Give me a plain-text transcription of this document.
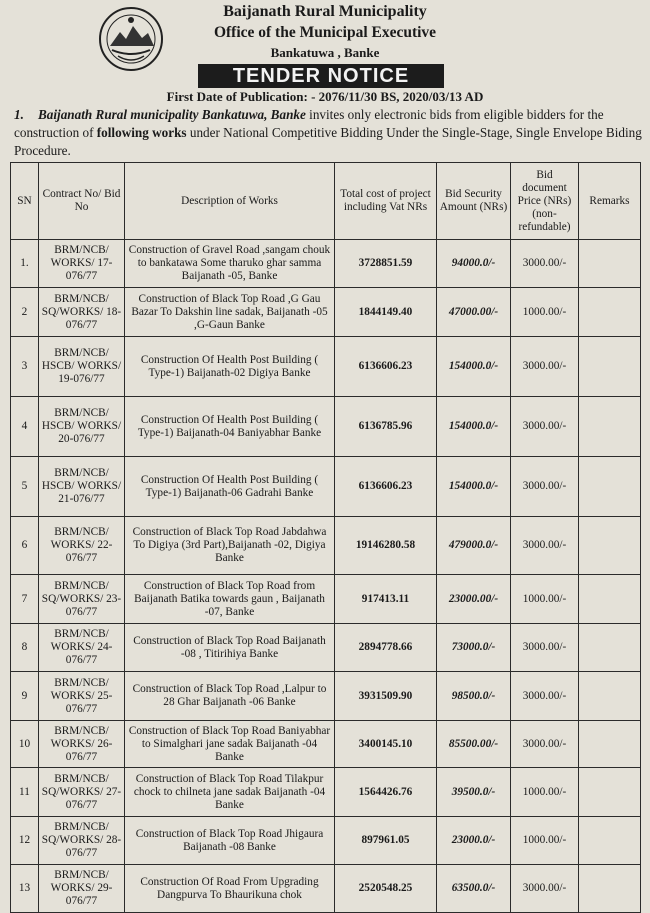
Baijanath Rural Municipality
Office of the Municipal Executive
Bankatuwa , Banke
TENDER NOTICE
First Date of Publication: - 2076/11/30 BS, 2020/03/13 AD
1. Baijanath Rural municipality Bankatuwa, Banke invites only electronic bids from eligible bidders for the construction of following works under National Competitive Bidding Under the Single-Stage, Single Envelope Biding Procedure.
SN	Contract No/ Bid No	Description of Works	Total cost of project including Vat NRs	Bid Security Amount (NRs)	Bid document Price (NRs) (non-refundable)	Remarks
1.	BRM/NCB/ WORKS/ 17-076/77	Construction of Gravel Road ,sangam chouk to bankatawa Some tharuko ghar samma Baijanath -05, Banke	3728851.59	94000.0/-	3000.00/-	
2	BRM/NCB/ SQ/WORKS/ 18-076/77	Construction of Black Top Road ,G Gau Bazar To Dakshin line sadak, Baijanath -05 ,G-Gaun Banke	1844149.40	47000.00/-	1000.00/-	
3	BRM/NCB/ HSCB/ WORKS/ 19-076/77	Construction Of Health Post Building ( Type-1) Baijanath-02 Digiya Banke	6136606.23	154000.0/-	3000.00/-	
4	BRM/NCB/ HSCB/ WORKS/ 20-076/77	Construction Of Health Post Building ( Type-1) Baijanath-04 Baniyabhar Banke	6136785.96	154000.0/-	3000.00/-	
5	BRM/NCB/ HSCB/ WORKS/ 21-076/77	Construction Of Health Post Building ( Type-1) Baijanath-06 Gadrahi Banke	6136606.23	154000.0/-	3000.00/-	
6	BRM/NCB/ WORKS/ 22-076/77	Construction of Black Top Road Jabdahwa To Digiya (3rd Part),Baijanath -02, Digiya Banke	19146280.58	479000.0/-	3000.00/-	
7	BRM/NCB/ SQ/WORKS/ 23-076/77	Construction of Black Top Road from Baijanath Batika towards gaun , Baijanath -07, Banke	917413.11	23000.00/-	1000.00/-	
8	BRM/NCB/ WORKS/ 24-076/77	Construction of Black Top Road Baijanath -08 , Titirihiya Banke	2894778.66	73000.0/-	3000.00/-	
9	BRM/NCB/ WORKS/ 25-076/77	Construction of Black Top Road ,Lalpur to 28 Ghar Baijanath -06 Banke	3931509.90	98500.0/-	3000.00/-	
10	BRM/NCB/ WORKS/ 26-076/77	Construction of Black Top Road Baniyabhar to Simalghari jane sadak Baijanath -04 Banke	3400145.10	85500.00/-	3000.00/-	
11	BRM/NCB/ SQ/WORKS/ 27-076/77	Construction of Black Top Road Tilakpur chock to chilneta jane sadak Baijanath -04 Banke	1564426.76	39500.0/-	1000.00/-	
12	BRM/NCB/ SQ/WORKS/ 28-076/77	Construction of Black Top Road Jhigaura Baijanath -08 Banke	897961.05	23000.0/-	1000.00/-	
13	BRM/NCB/ WORKS/ 29-076/77	Construction Of Road From Upgrading Dangpurva To Bhaurikuna chok	2520548.25	63500.0/-	3000.00/-	
